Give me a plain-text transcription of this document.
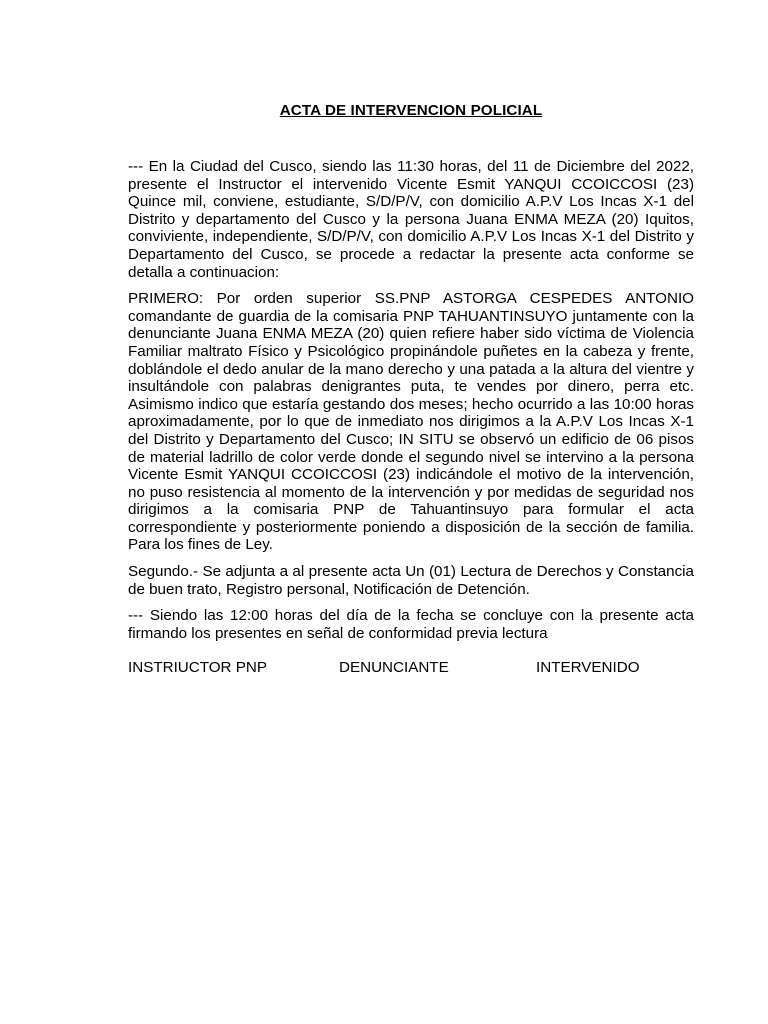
ACTA DE INTERVENCION POLICIAL

--- En la Ciudad del Cusco, siendo las 11:30 horas, del 11 de Diciembre del 2022, presente el Instructor el intervenido Vicente Esmit YANQUI CCOICCOSI (23) Quince mil, conviene, estudiante, S/D/P/V, con domicilio A.P.V Los Incas X-1 del Distrito y departamento del Cusco y la persona Juana ENMA MEZA (20) Iquitos, conviviente, independiente, S/D/P/V, con domicilio A.P.V Los Incas X-1 del Distrito y Departamento del Cusco, se procede a redactar la presente acta conforme se detalla a continuacion:

PRIMERO: Por orden superior SS.PNP ASTORGA CESPEDES ANTONIO comandante de guardia de la comisaria PNP TAHUANTINSUYO juntamente con la denunciante Juana ENMA MEZA (20) quien refiere haber sido víctima de Violencia Familiar maltrato Físico y Psicológico propinándole puñetes en la cabeza y frente, doblándole el dedo anular de la mano derecho y una patada a la altura del vientre y insultándole con palabras denigrantes puta, te vendes por dinero, perra etc. Asimismo indico que estaría gestando dos meses; hecho ocurrido a las 10:00 horas aproximadamente, por lo que de inmediato nos dirigimos a la A.P.V Los Incas X-1 del Distrito y Departamento del Cusco; IN SITU se observó un edificio de 06 pisos de material ladrillo de color verde donde el segundo nivel se intervino a la persona Vicente Esmit YANQUI CCOICCOSI (23) indicándole el motivo de la intervención, no puso resistencia al momento de la intervención y por medidas de seguridad nos dirigimos a la comisaria PNP de Tahuantinsuyo para formular el acta correspondiente y posteriormente poniendo a disposición de la sección de familia. Para los fines de Ley.

Segundo.- Se adjunta a al presente acta Un (01) Lectura de Derechos y Constancia de buen trato, Registro personal, Notificación de Detención.

--- Siendo las 12:00 horas del día de la fecha se concluye con la presente acta firmando los presentes en señal de conformidad previa lectura

INSTRIUCTOR PNP	DENUNCIANTE	INTERVENIDO
